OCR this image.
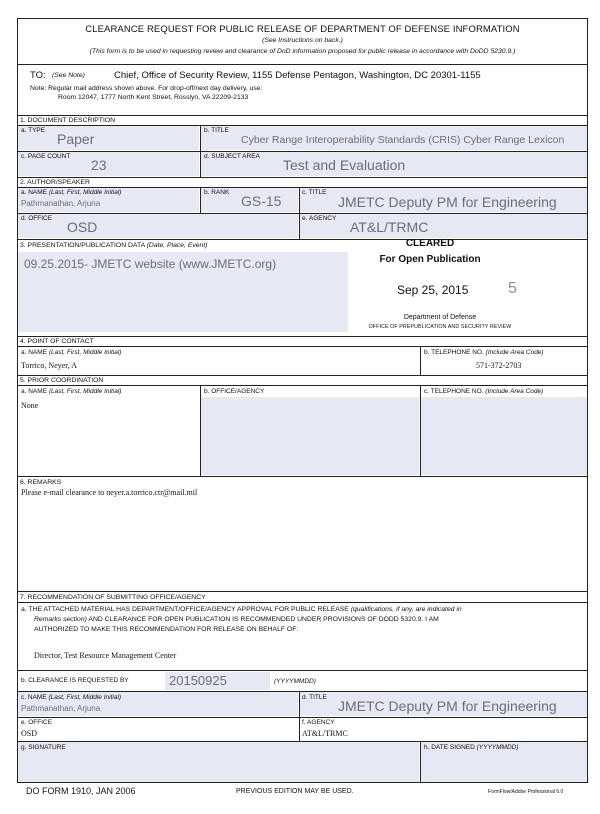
CLEARANCE REQUEST FOR PUBLIC RELEASE OF DEPARTMENT OF DEFENSE INFORMATION
(See Instructions on back.)
(This form is to be used in requesting review and clearance of DoD information proposed for public release in accordance with DoDD 5230.9.)
TO: (See Note)	Chief, Office of Security Review, 1155 Defense Pentagon, Washington, DC 20301-1155
Note: Regular mail address shown above. For drop-off/next day delivery, use:
Room 12047, 1777 North Kent Street, Rosslyn, VA 22209-2133
1. DOCUMENT DESCRIPTION
a. TYPE
Paper
b. TITLE
Cyber Range Interoperability Standards (CRIS) Cyber Range Lexicon
c. PAGE COUNT
23
d. SUBJECT AREA
Test and Evaluation
2. AUTHOR/SPEAKER
a. NAME (Last, First, Middle Initial)
Pathmanathan, Arjuna
b. RANK
GS-15
c. TITLE
JMETC Deputy PM for Engineering
d. OFFICE
OSD
e. AGENCY
AT&L/TRMC
3. PRESENTATION/PUBLICATION DATA (Date, Place, Event)
09.25.2015- JMETC website (www.JMETC.org)
CLEARED
For Open Publication
Sep 25, 2015 5
Department of Defense
OFFICE OF PREPUBLICATION AND SECURITY REVIEW
4. POINT OF CONTACT
a. NAME (Last, First, Middle Initial)
Torrico, Neyer, A
b. TELEPHONE NO. (Include Area Code)
571-372-2703
5. PRIOR COORDINATION
a. NAME (Last, First, Middle Initial)
None
b. OFFICE/AGENCY	c. TELEPHONE NO. (Include Area Code)
6. REMARKS
Please e-mail clearance to neyer.a.torrico.ctr@mail.mil
7. RECOMMENDATION OF SUBMITTING OFFICE/AGENCY
a. THE ATTACHED MATERIAL HAS DEPARTMENT/OFFICE/AGENCY APPROVAL FOR PUBLIC RELEASE (qualifications, if any, are indicated in
Remarks section) AND CLEARANCE FOR OPEN PUBLICATION IS RECOMMENDED UNDER PROVISIONS OF DODD 5320.9. I AM
AUTHORIZED TO MAKE THIS RECOMMENDATION FOR RELEASE ON BEHALF OF:
Director, Test Resource Management Center
b. CLEARANCE IS REQUESTED BY	20150925	(YYYYMMDD)
c. NAME (Last, First, Middle Initial)
Pathmanathan, Arjuna
d. TITLE
JMETC Deputy PM for Engineering
e. OFFICE
OSD
f. AGENCY
AT&L/TRMC
g. SIGNATURE	h. DATE SIGNED (YYYYMMDD)
DO FORM 1910, JAN 2006	PREVIOUS EDITION MAY BE USED.	FormFlow/Adobe Professional 6.0
